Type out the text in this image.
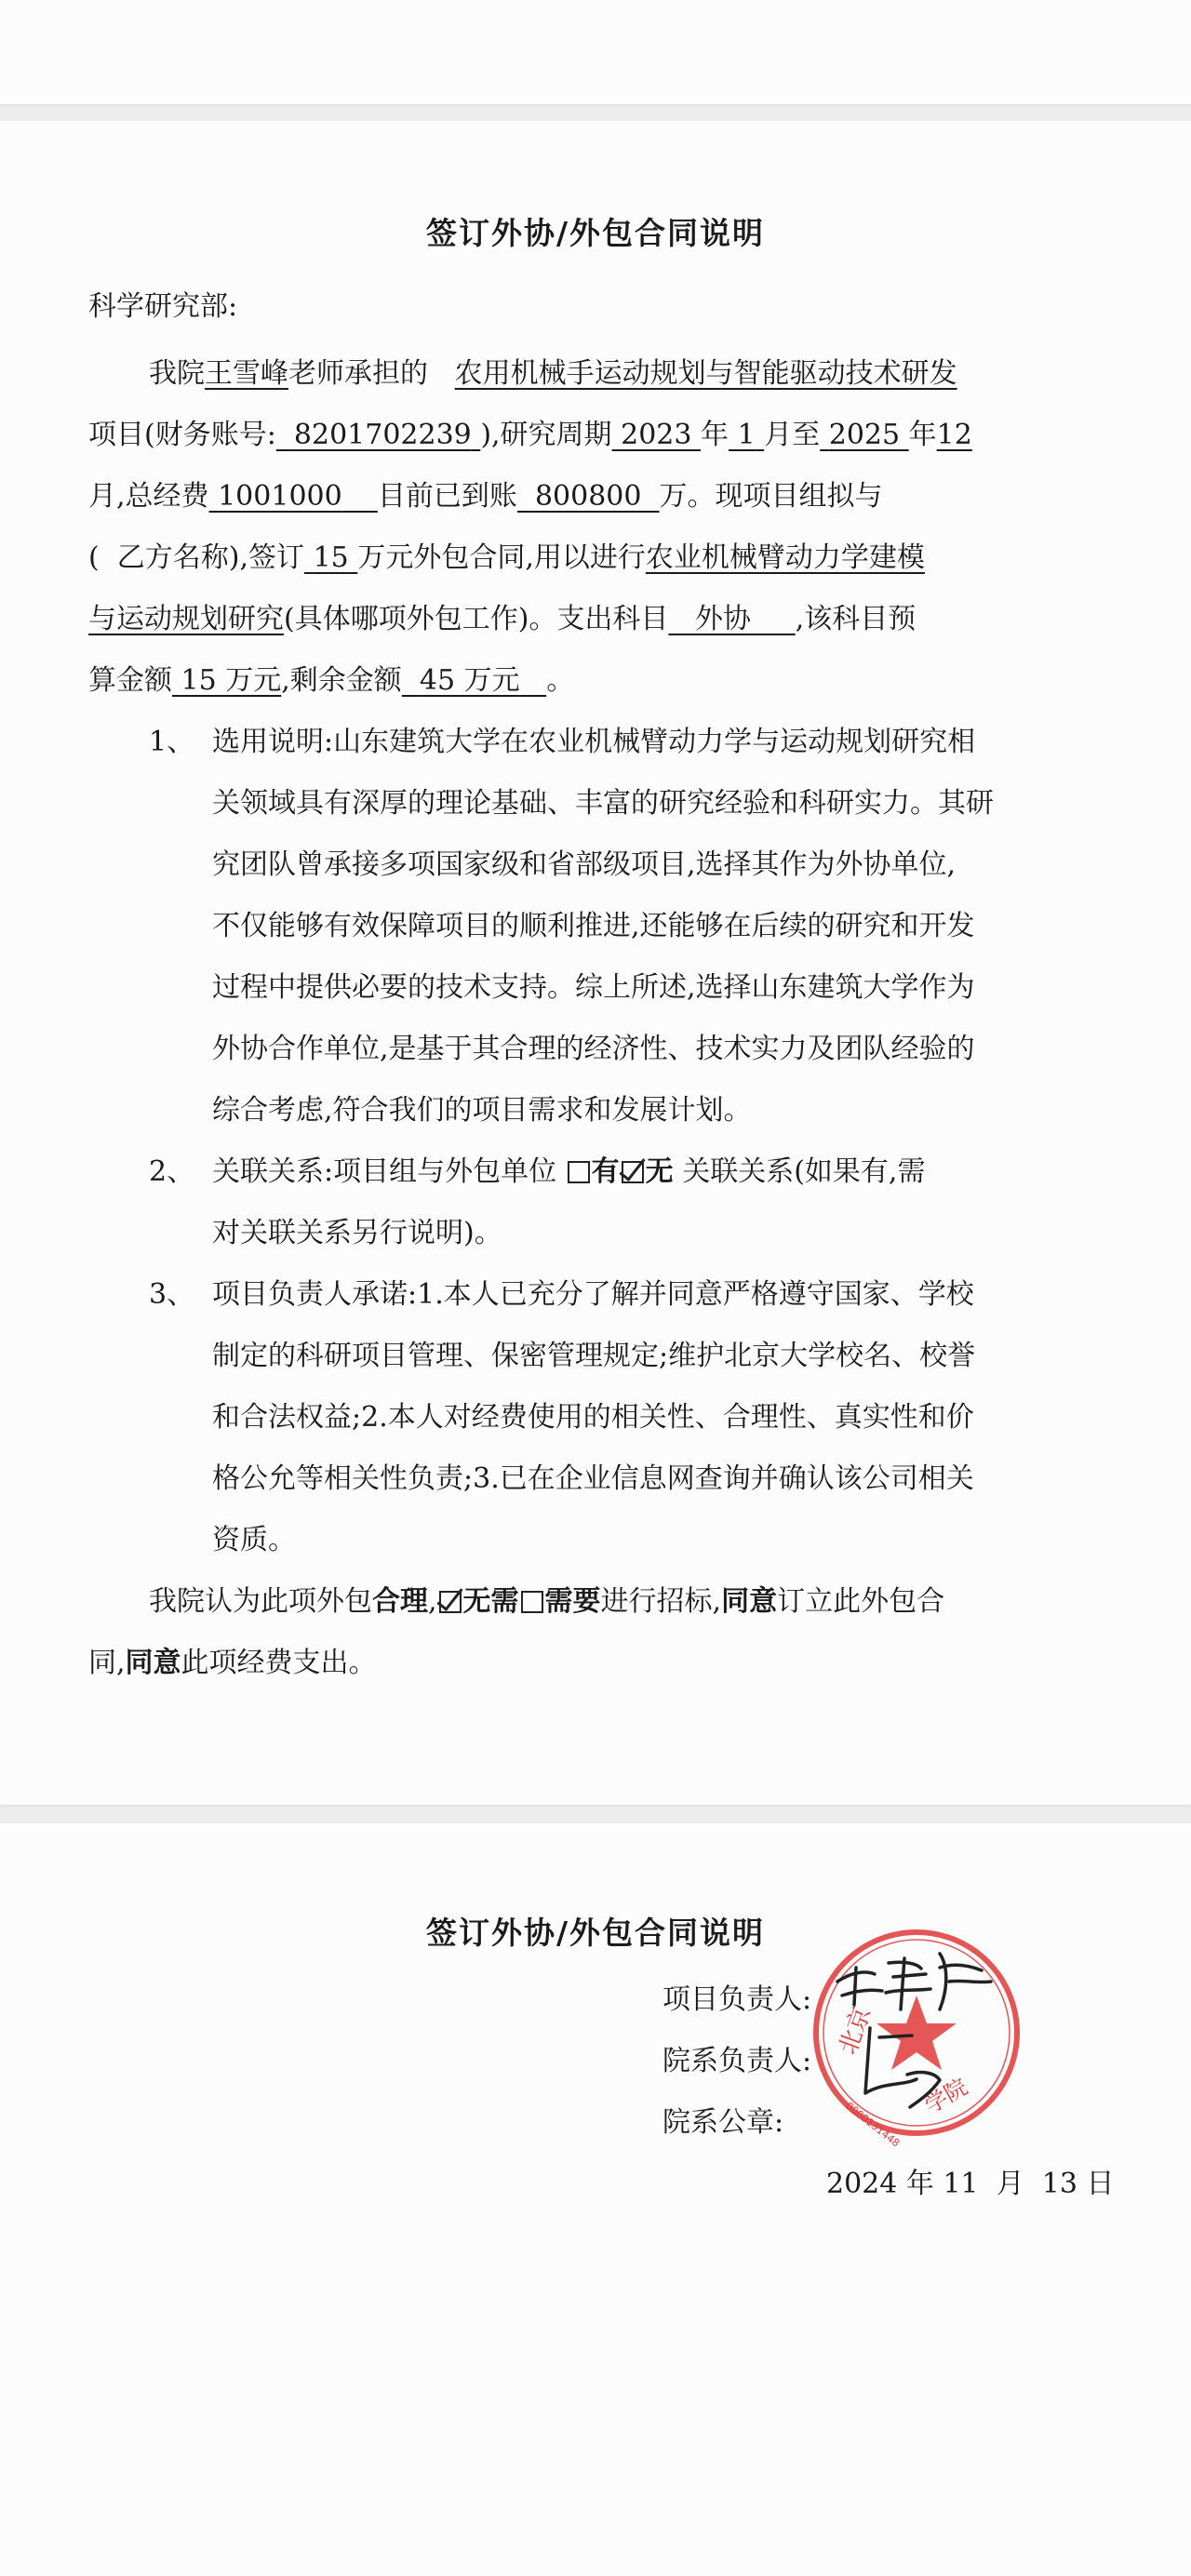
签订外协/外包合同说明
科学研究部:
我院王雪峰老师承担的 农用机械手运动规划与智能驱动技术研发
项目(财务账号: 8201702239 ),研究周期 2023 年 1 月至 2025 年12
月,总经费 1001000 目前已到账 800800 万。现项目组拟与
( 乙方名称),签订 15 万元外包合同,用以进行农业机械臂动力学建模
与运动规划研究(具体哪项外包工作)。支出科目 外协 ,该科目预
算金额 15 万元,剩余金额 45 万元 。
1、 选用说明:山东建筑大学在农业机械臂动力学与运动规划研究相
关领域具有深厚的理论基础、丰富的研究经验和科研实力。其研
究团队曾承接多项国家级和省部级项目,选择其作为外协单位,
不仅能够有效保障项目的顺利推进,还能够在后续的研究和开发
过程中提供必要的技术支持。综上所述,选择山东建筑大学作为
外协合作单位,是基于其合理的经济性、技术实力及团队经验的
综合考虑,符合我们的项目需求和发展计划。
2、 关联关系:项目组与外包单位 有 无 关联关系(如果有,需
对关联关系另行说明)。
3、 项目负责人承诺:1.本人已充分了解并同意严格遵守国家、学校
制定的科研项目管理、保密管理规定;维护北京大学校名、校誉
和合法权益;2.本人对经费使用的相关性、合理性、真实性和价
格公允等相关性负责;3.已在企业信息网查询并确认该公司相关
资质。
我院认为此项外包合理, 无需 需要进行招标,同意订立此外包合
同,同意此项经费支出。
签订外协/外包合同说明
项目负责人:
院系负责人:
院系公章:
2024 年 11 月 13 日
北京
学院
0000131448
